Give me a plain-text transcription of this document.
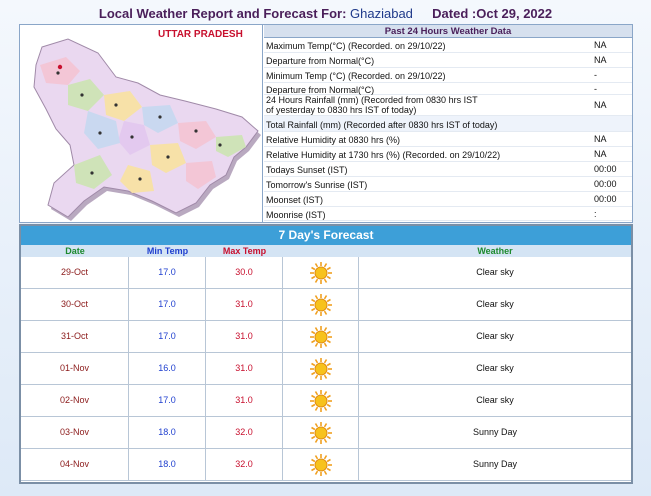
Local Weather Report and Forecast For: Ghaziabad Dated :Oct 29, 2022
UTTAR PRADESH	Past 24 Hours Weather Data
Maximum Temp(°C) (Recorded. on 29/10/22)	NA
Departure from Normal(°C)	NA
Minimum Temp (°C) (Recorded. on 29/10/22)	-
Departure from Normal(°C)	-
24 Hours Rainfall (mm) (Recorded from 0830 hrs IST
of yesterday to 0830 hrs IST of today)	NA
Total Rainfall (mm) (Recorded after 0830 hrs IST of today)
Relative Humidity at 0830 hrs (%)	NA
Relative Humidity at 1730 hrs (%) (Recorded. on 29/10/22)	NA
Todays Sunset (IST)	00:00
Tomorrow's Sunrise (IST)	00:00
Moonset (IST)	00:00
Moonrise (IST)	:
7 Day's Forecast
Date	Min Temp	Max Temp	Weather
29-Oct	17.0	30.0	Clear sky
30-Oct	17.0	31.0	Clear sky
31-Oct	17.0	31.0	Clear sky
01-Nov	16.0	31.0	Clear sky
02-Nov	17.0	31.0	Clear sky
03-Nov	18.0	32.0	Sunny Day
04-Nov	18.0	32.0	Sunny Day
